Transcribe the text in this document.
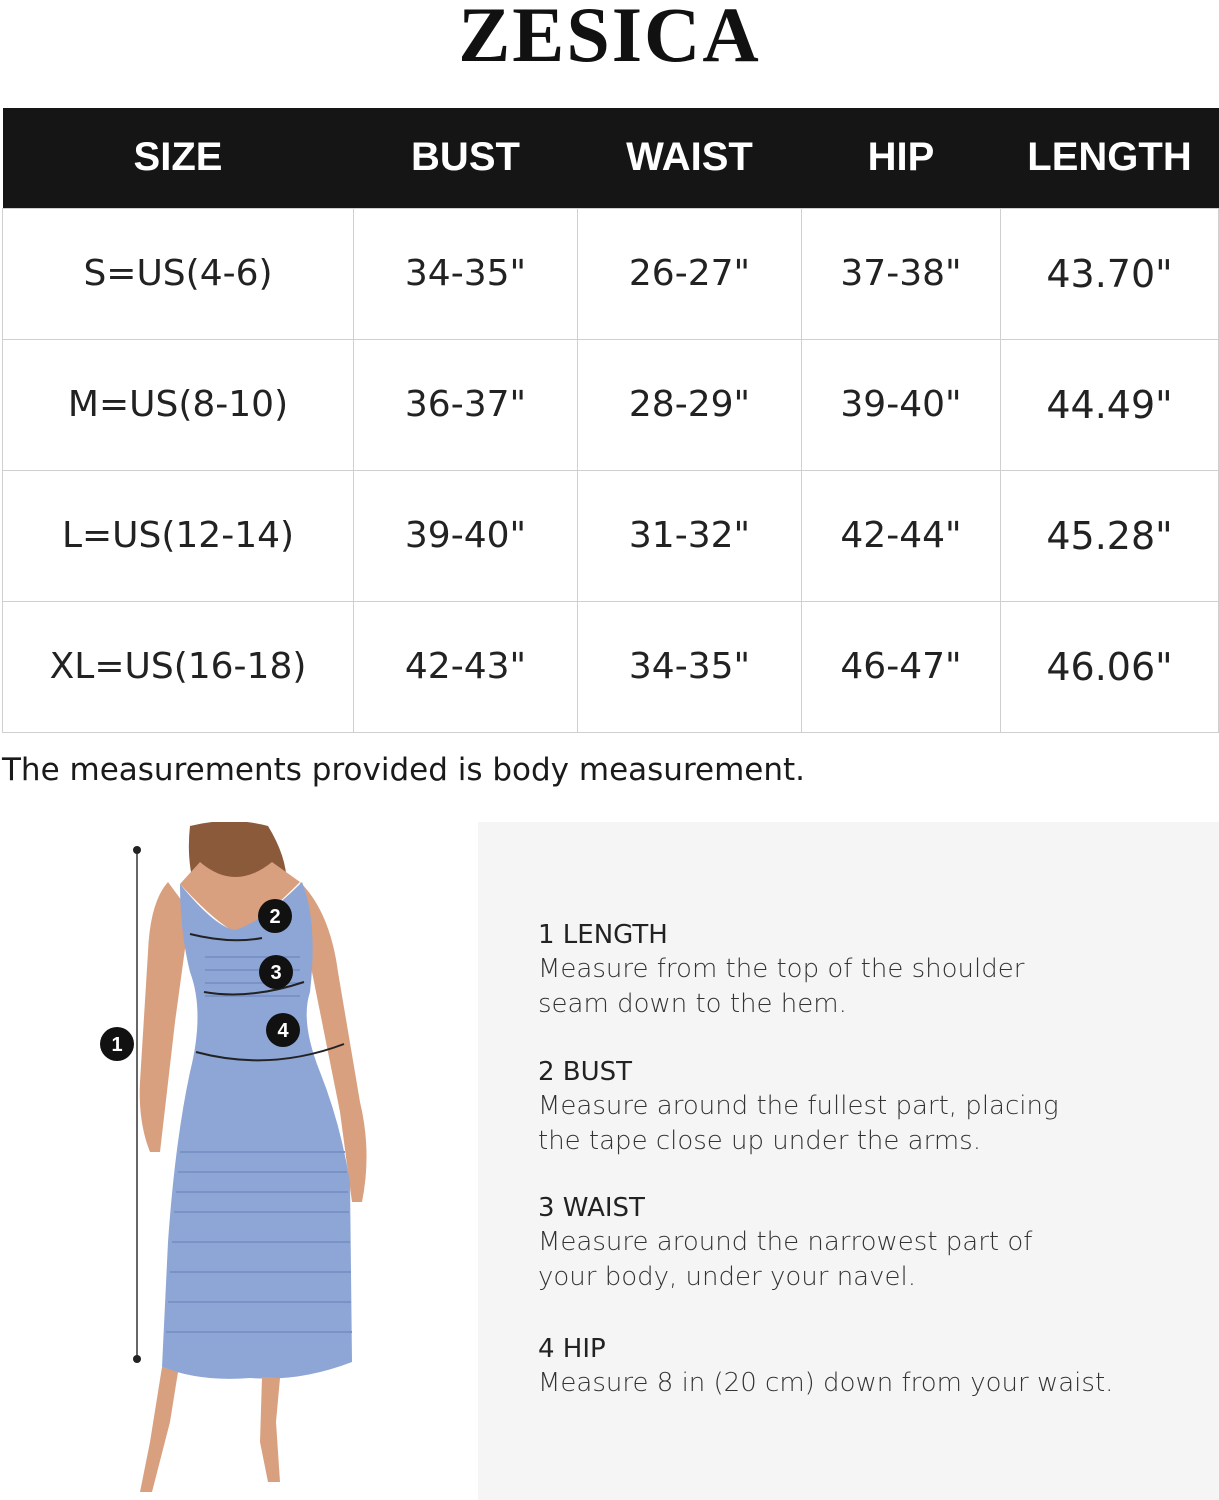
ZESICA
SIZE	BUST	WAIST	HIP	LENGTH
S=US(4-6)	34-35"	26-27"	37-38"	43.70"
M=US(8-10)	36-37"	28-29"	39-40"	44.49"
L=US(12-14)	39-40"	31-32"	42-44"	45.28"
XL=US(16-18)	42-43"	34-35"	46-47"	46.06"
The measurements provided is body measurement.
1
2
3
4
1 LENGTH
Measure from the top of the shoulder
seam down to the hem.
2 BUST
Measure around the fullest part, placing
the tape close up under the arms.
3 WAIST
Measure around the narrowest part of
your body, under your navel.
4 HIP
Measure 8 in (20 cm) down from your waist.
